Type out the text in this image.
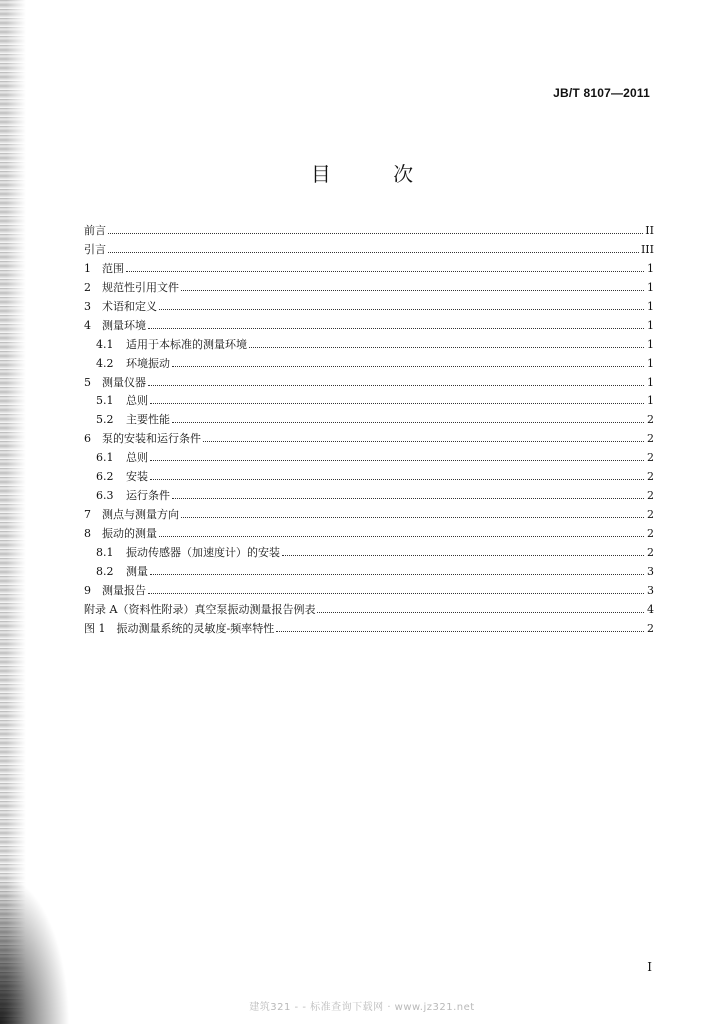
JB/T 8107—2011
目 次
前言	II
引言	III
1	范围	1
2	规范性引用文件	1
3	术语和定义	1
4	测量环境	1
4.1	适用于本标准的测量环境	1
4.2	环境振动	1
5	测量仪器	1
5.1	总则	1
5.2	主要性能	2
6	泵的安装和运行条件	2
6.1	总则	2
6.2	安装	2
6.3	运行条件	2
7	测点与测量方向	2
8	振动的测量	2
8.1	振动传感器（加速度计）的安装	2
8.2	测量	3
9	测量报告	3
附录 A（资料性附录）真空泵振动测量报告例表	4
图 1　振动测量系统的灵敏度-频率特性	2
I
建筑321 - - 标准查询下载网 · www.jz321.net
